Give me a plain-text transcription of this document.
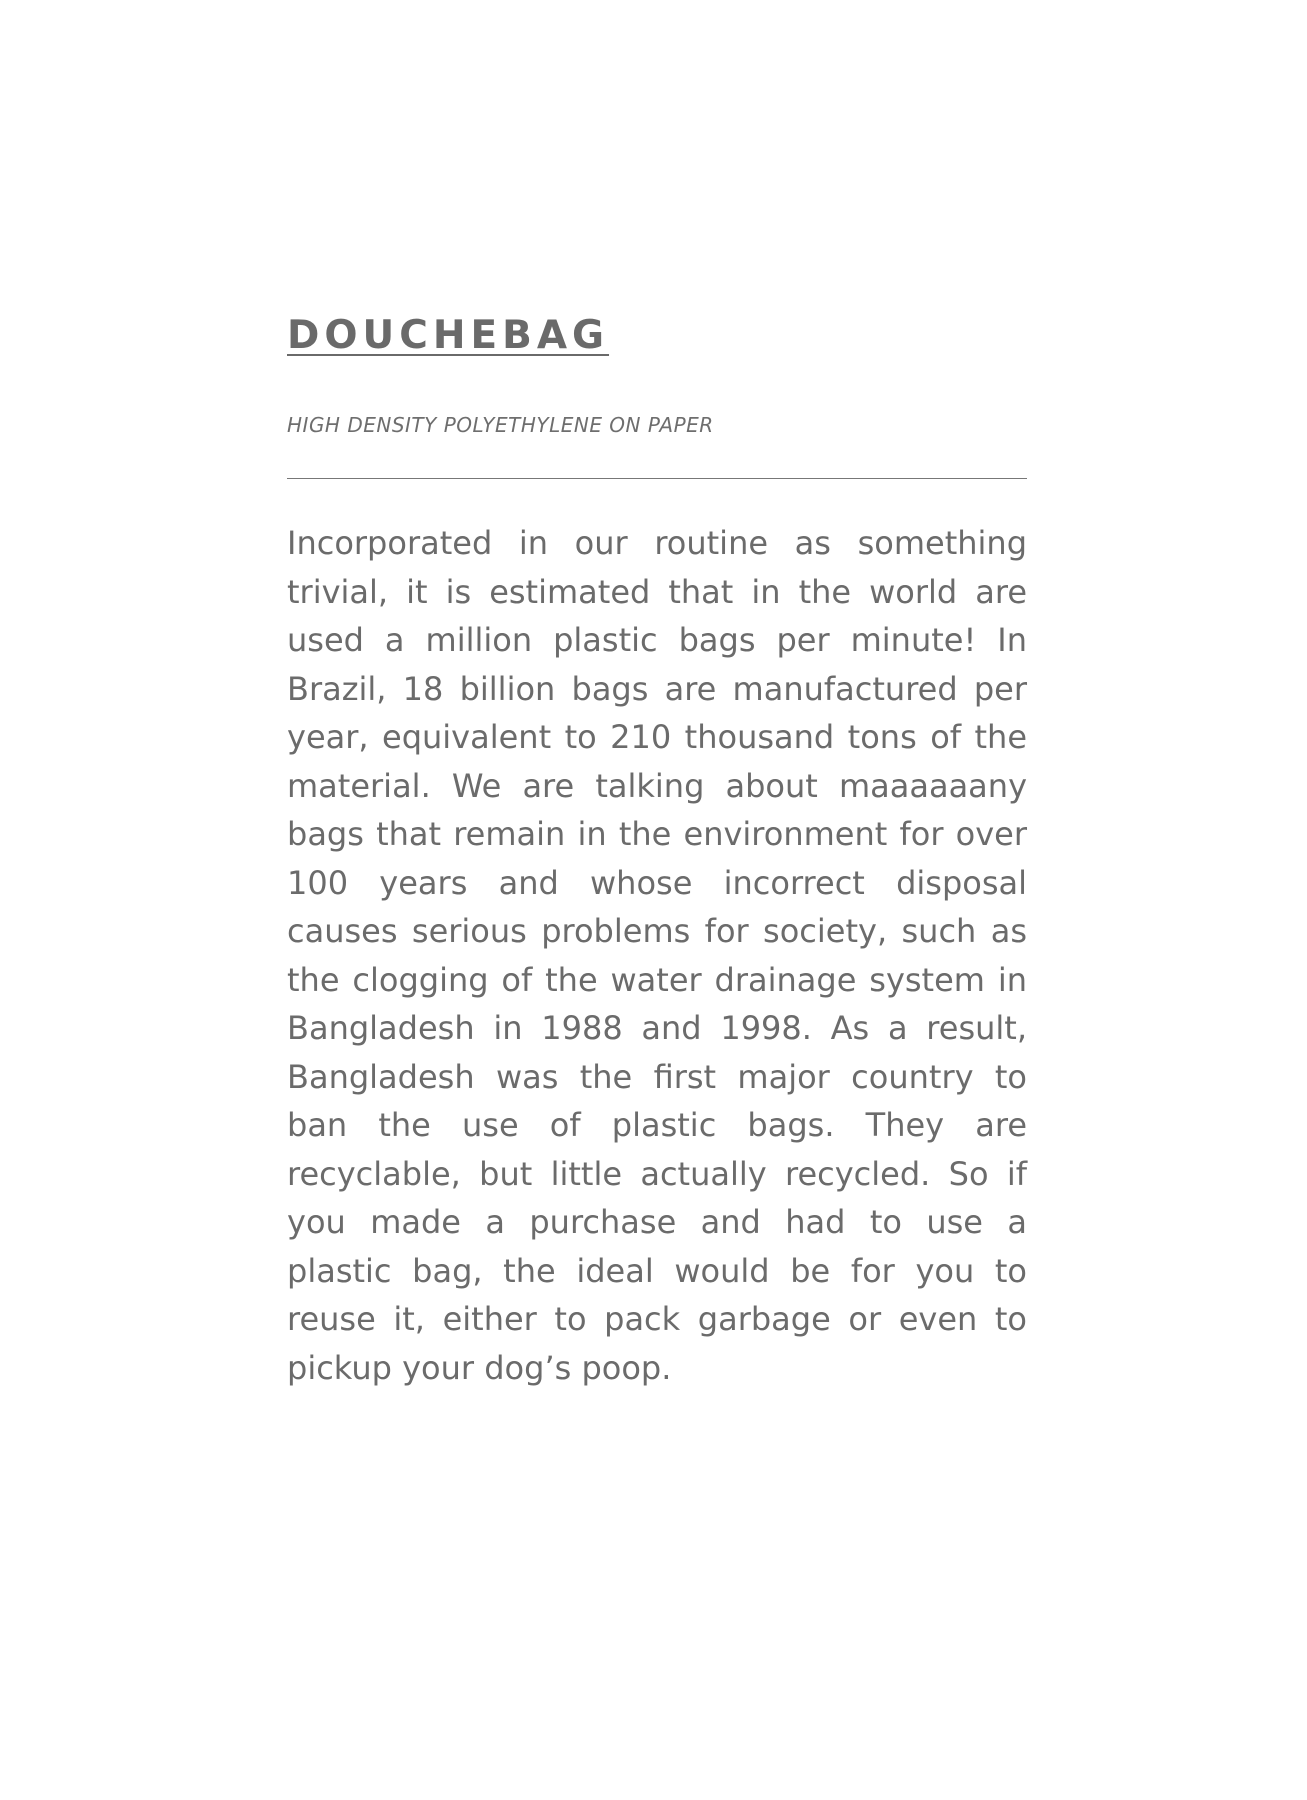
DOUCHEBAG
HIGH DENSITY POLYETHYLENE ON PAPER

Incorporated in our routine as something trivial, it is estimated that in the world are used a million plastic bags per minute! In Brazil, 18 billion bags are manufactured per year, equivalent to 210 thousand tons of the material. We are talking about maaaaaany bags that remain in the environment for over 100 years and whose incorrect disposal causes serious problems for society, such as the clogging of the water drainage system in Bangladesh in 1988 and 1998. As a result, Bangladesh was the first major country to ban the use of plastic bags. They are recyclable, but little actually recycled. So if you made a purchase and had to use a plastic bag, the ideal would be for you to reuse it, either to pack garbage or even to pickup your dog’s poop.
